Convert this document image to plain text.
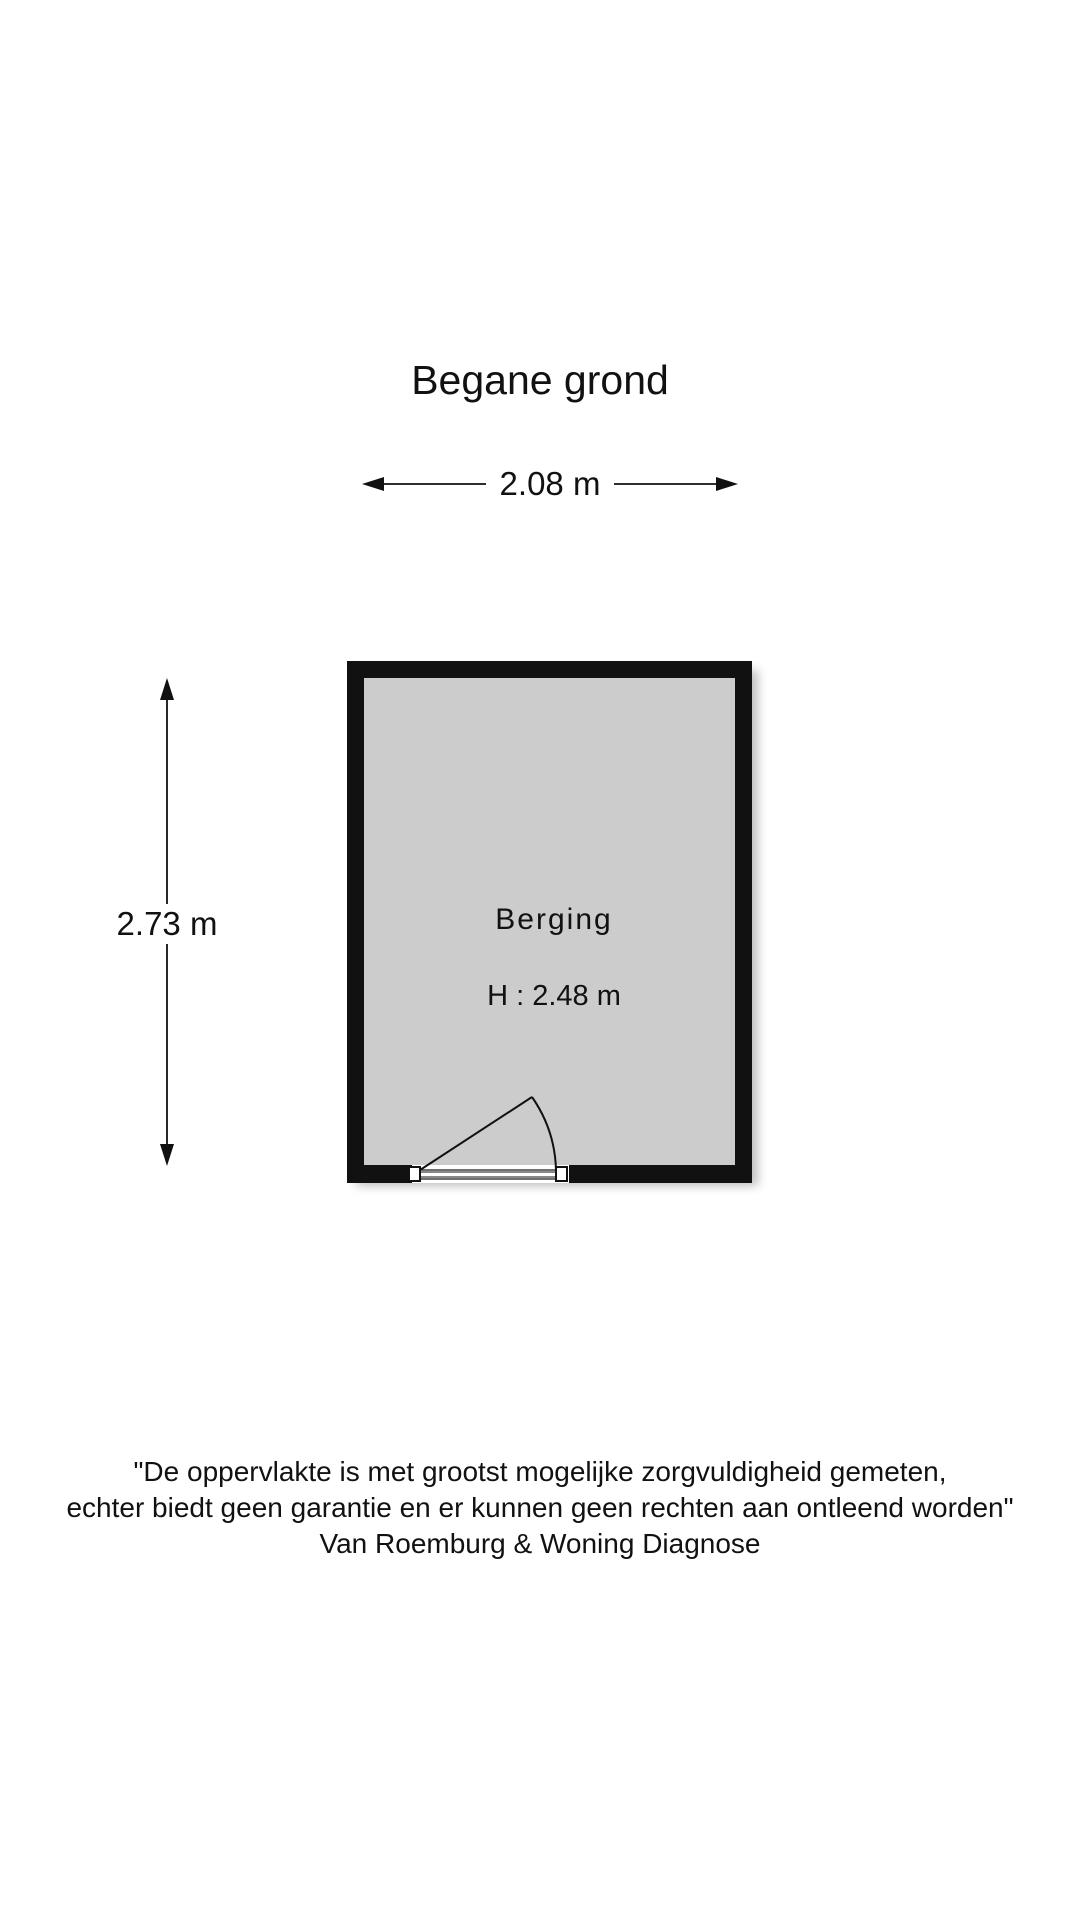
Begane grond
2.08 m
2.73 m	Berging
H : 2.48 m
"De oppervlakte is met grootst mogelijke zorgvuldigheid gemeten,
echter biedt geen garantie en er kunnen geen rechten aan ontleend worden"
Van Roemburg & Woning Diagnose
